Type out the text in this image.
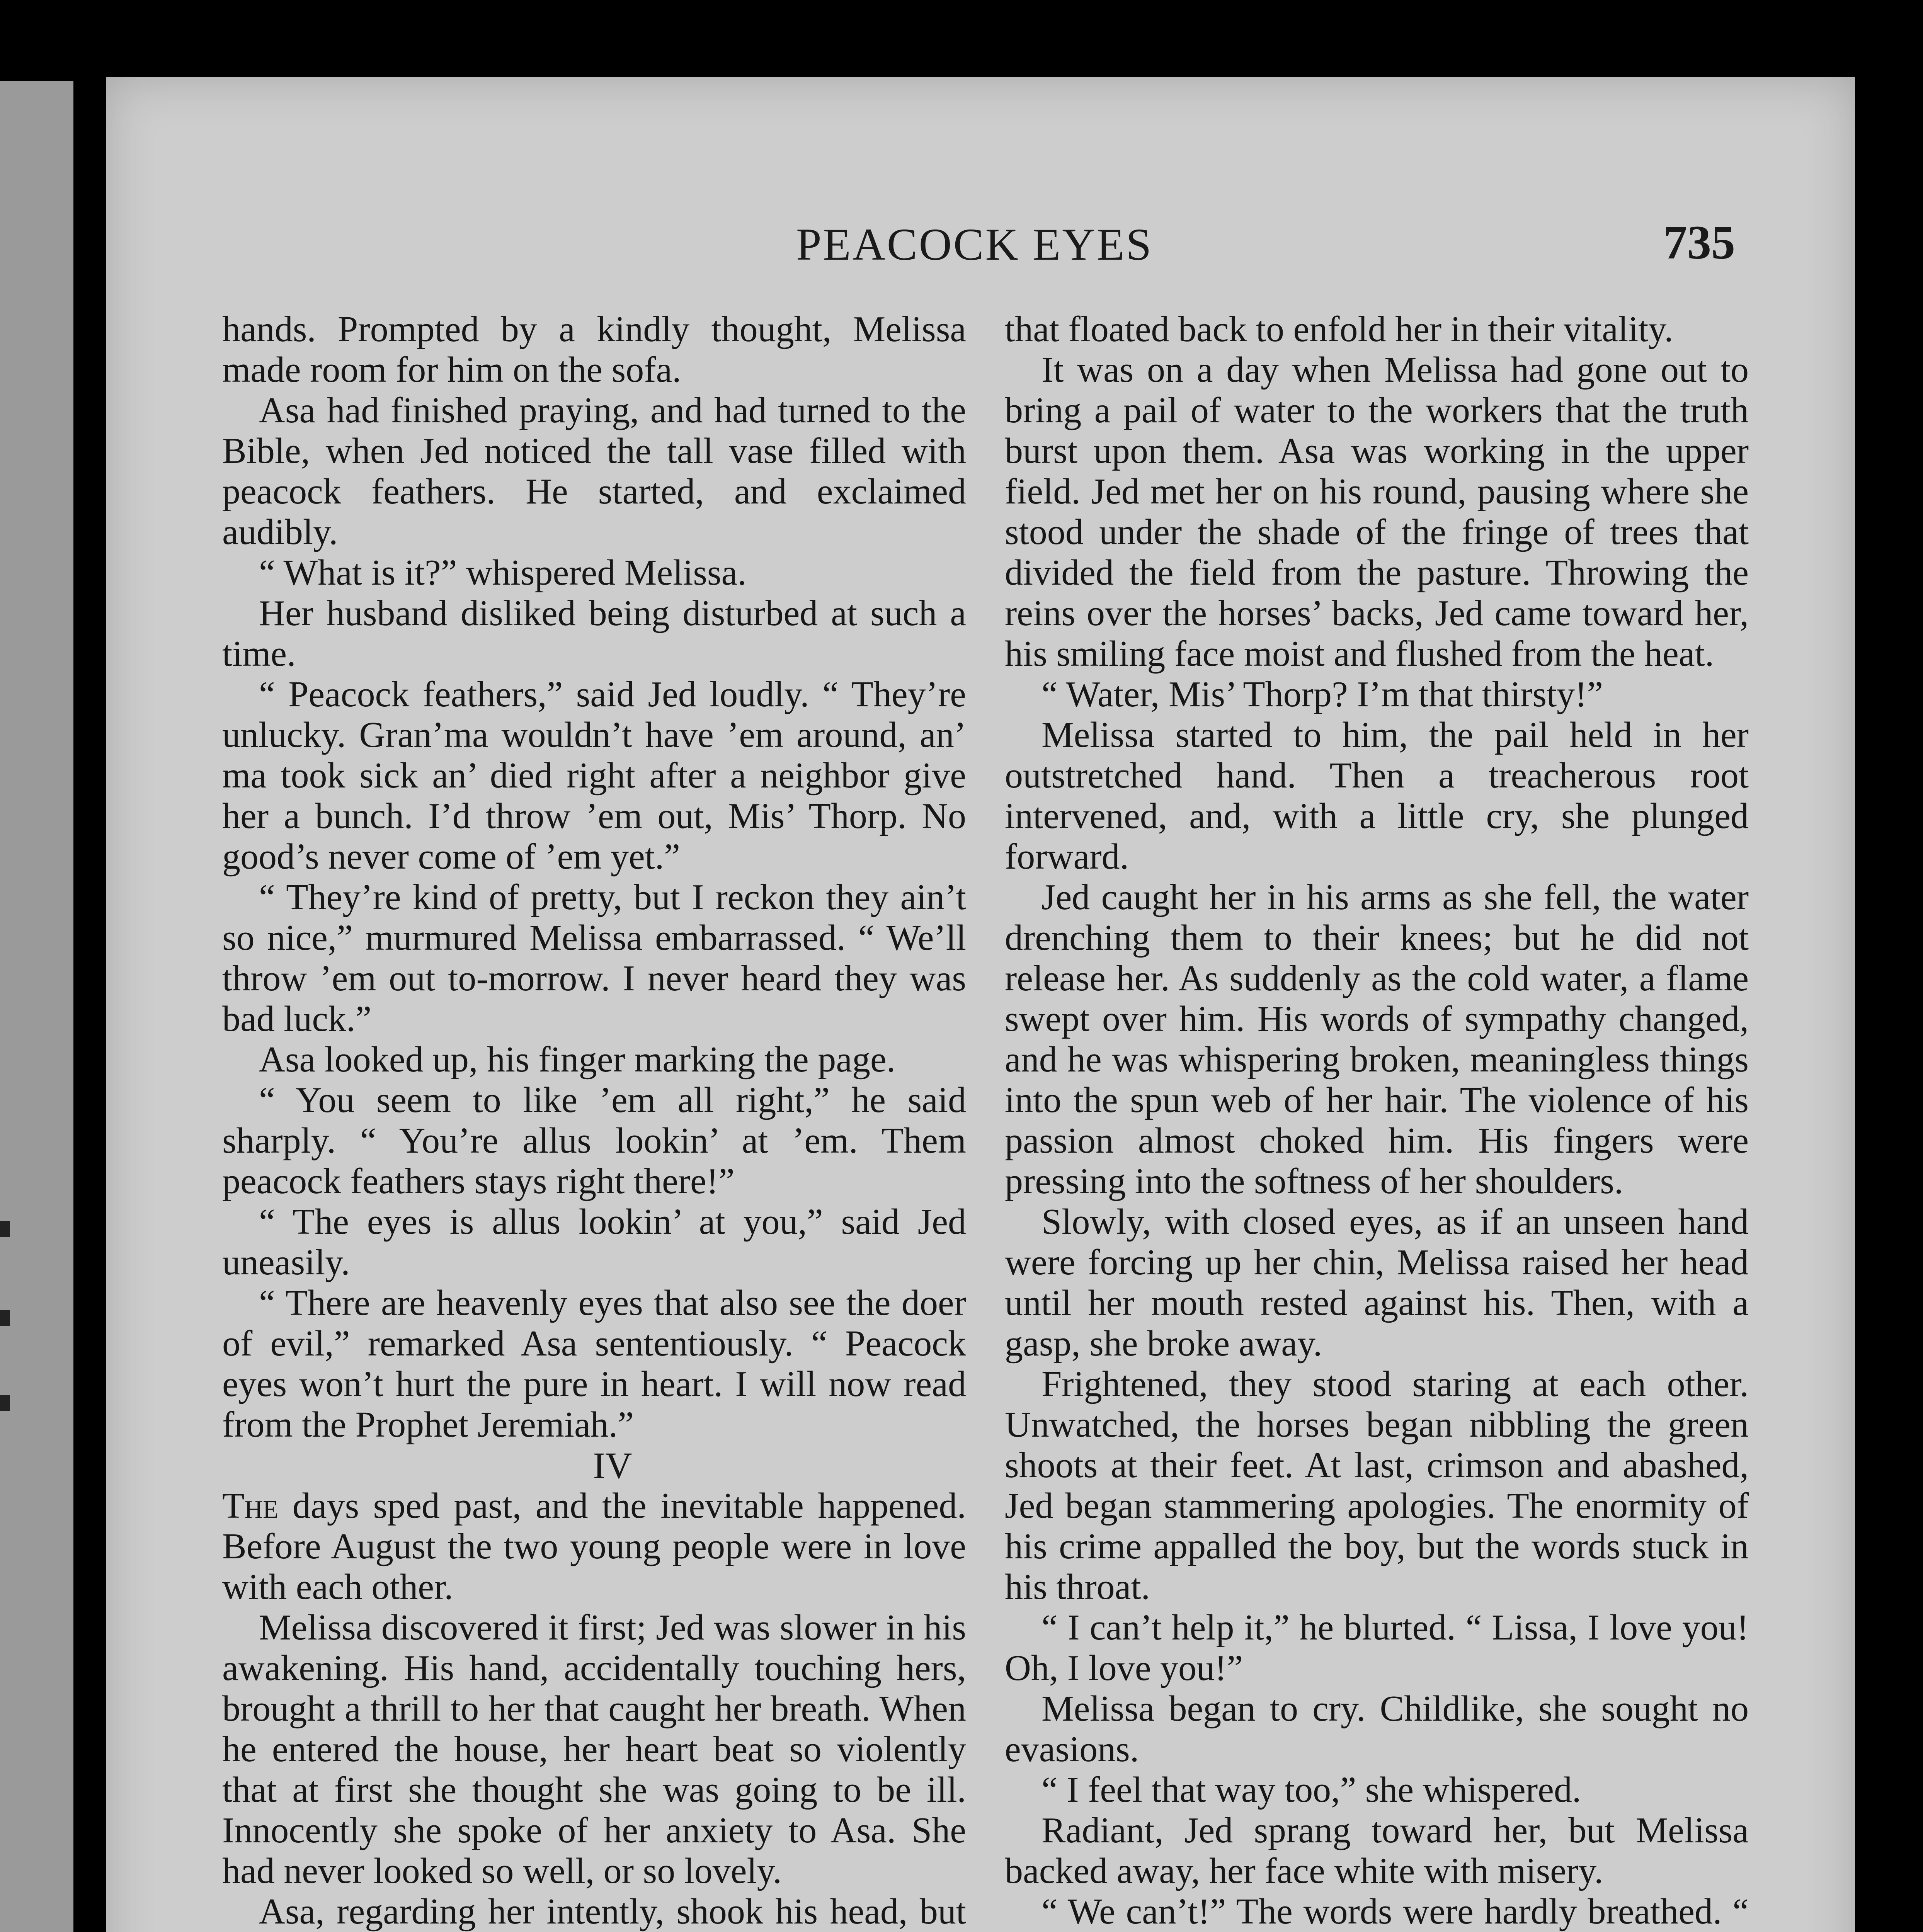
PEACOCK EYES	735

hands. Prompted by a kindly thought, Melissa made room for him on the sofa.

Asa had finished praying, and had turned to the Bible, when Jed noticed the tall vase filled with peacock feathers. He started, and exclaimed audibly.

“ What is it?” whispered Melissa.

Her husband disliked being disturbed at such a time.

“ Peacock feathers,” said Jed loudly. “ They’re unlucky. Gran’ma wouldn’t have ’em around, an’ ma took sick an’ died right after a neighbor give her a bunch. I’d throw ’em out, Mis’ Thorp. No good’s never come of ’em yet.”

“ They’re kind of pretty, but I reckon they ain’t so nice,” murmured Melissa embarrassed. “ We’ll throw ’em out to-morrow. I never heard they was bad luck.”

Asa looked up, his finger marking the page.

“ You seem to like ’em all right,” he said sharply. “ You’re allus lookin’ at ’em. Them peacock feathers stays right there!”

“ The eyes is allus lookin’ at you,” said Jed uneasily.

“ There are heavenly eyes that also see the doer of evil,” remarked Asa sententiously. “ Peacock eyes won’t hurt the pure in heart. I will now read from the Prophet Jeremiah.”

IV

The days sped past, and the inevitable happened. Before August the two young people were in love with each other.

Melissa discovered it first; Jed was slower in his awakening. His hand, accidentally touching hers, brought a thrill to her that caught her breath. When he entered the house, her heart beat so violently that at first she thought she was going to be ill. Innocently she spoke of her anxiety to Asa. She had never looked so well, or so lovely.

Asa, regarding her intently, shook his head, but

that floated back to enfold her in their vitality.

It was on a day when Melissa had gone out to bring a pail of water to the workers that the truth burst upon them. Asa was working in the upper field. Jed met her on his round, pausing where she stood under the shade of the fringe of trees that divided the field from the pasture. Throwing the reins over the horses’ backs, Jed came toward her, his smiling face moist and flushed from the heat.

“ Water, Mis’ Thorp? I’m that thirsty!”

Melissa started to him, the pail held in her outstretched hand. Then a treacherous root intervened, and, with a little cry, she plunged forward.

Jed caught her in his arms as she fell, the water drenching them to their knees; but he did not release her. As suddenly as the cold water, a flame swept over him. His words of sympathy changed, and he was whispering broken, meaningless things into the spun web of her hair. The violence of his passion almost choked him. His fingers were pressing into the softness of her shoulders.

Slowly, with closed eyes, as if an unseen hand were forcing up her chin, Melissa raised her head until her mouth rested against his. Then, with a gasp, she broke away.

Frightened, they stood staring at each other. Unwatched, the horses began nibbling the green shoots at their feet. At last, crimson and abashed, Jed began stammering apologies. The enormity of his crime appalled the boy, but the words stuck in his throat.

“ I can’t help it,” he blurted. “ Lissa, I love you! Oh, I love you!”

Melissa began to cry. Childlike, she sought no evasions.

“ I feel that way too,” she whispered.

Radiant, Jed sprang toward her, but Melissa backed away, her face white with misery.

“ We can’t!” The words were hardly breathed. “
